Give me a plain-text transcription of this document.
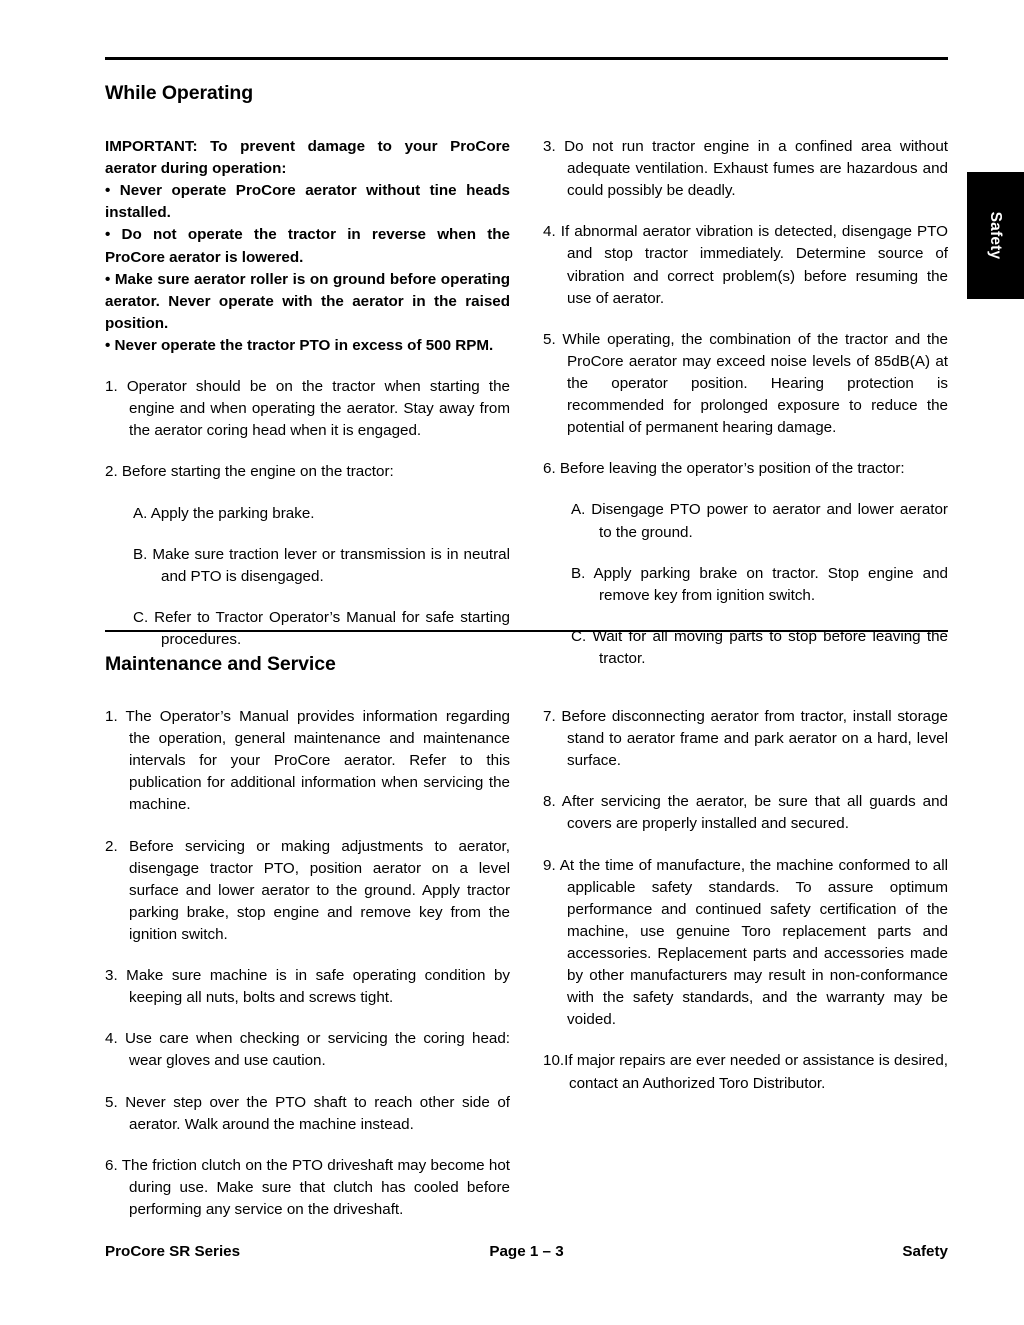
Safety
While Operating

IMPORTANT: To prevent damage to your ProCore aerator during operation:

• Never operate ProCore aerator without tine heads installed.

• Do not operate the tractor in reverse when the ProCore aerator is lowered.

• Make sure aerator roller is on ground before operating aerator. Never operate with the aerator in the raised position.

• Never operate the tractor PTO in excess of 500 RPM.

1. Operator should be on the tractor when starting the engine and when operating the aerator. Stay away from the aerator coring head when it is engaged.

2. Before starting the engine on the tractor:

A. Apply the parking brake.

B. Make sure traction lever or transmission is in neutral and PTO is disengaged.

C. Refer to Tractor Operator’s Manual for safe starting procedures.

3. Do not run tractor engine in a confined area without adequate ventilation. Exhaust fumes are hazardous and could possibly be deadly.

4. If abnormal aerator vibration is detected, disengage PTO and stop tractor immediately. Determine source of vibration and correct problem(s) before resuming the use of aerator.

5. While operating, the combination of the tractor and the ProCore aerator may exceed noise levels of 85dB(A) at the operator position. Hearing protection is recommended for prolonged exposure to reduce the potential of permanent hearing damage.

6. Before leaving the operator’s position of the tractor:

A. Disengage PTO power to aerator and lower aerator to the ground.

B. Apply parking brake on tractor. Stop engine and remove key from ignition switch.

C. Wait for all moving parts to stop before leaving the tractor.

Maintenance and Service

1. The Operator’s Manual provides information regarding the operation, general maintenance and maintenance intervals for your ProCore aerator. Refer to this publication for additional information when servicing the machine.

2. Before servicing or making adjustments to aerator, disengage tractor PTO, position aerator on a level surface and lower aerator to the ground. Apply tractor parking brake, stop engine and remove key from the ignition switch.

3. Make sure machine is in safe operating condition by keeping all nuts, bolts and screws tight.

4. Use care when checking or servicing the coring head: wear gloves and use caution.

5. Never step over the PTO shaft to reach other side of aerator. Walk around the machine instead.

6. The friction clutch on the PTO driveshaft may become hot during use. Make sure that clutch has cooled before performing any service on the driveshaft.

7. Before disconnecting aerator from tractor, install storage stand to aerator frame and park aerator on a hard, level surface.

8. After servicing the aerator, be sure that all guards and covers are properly installed and secured.

9. At the time of manufacture, the machine conformed to all applicable safety standards. To assure optimum performance and continued safety certification of the machine, use genuine Toro replacement parts and accessories. Replacement parts and accessories made by other manufacturers may result in non-conformance with the safety standards, and the warranty may be voided.

10.If major repairs are ever needed or assistance is desired, contact an Authorized Toro Distributor.

ProCore SR Series	Page 1 – 3	Safety
